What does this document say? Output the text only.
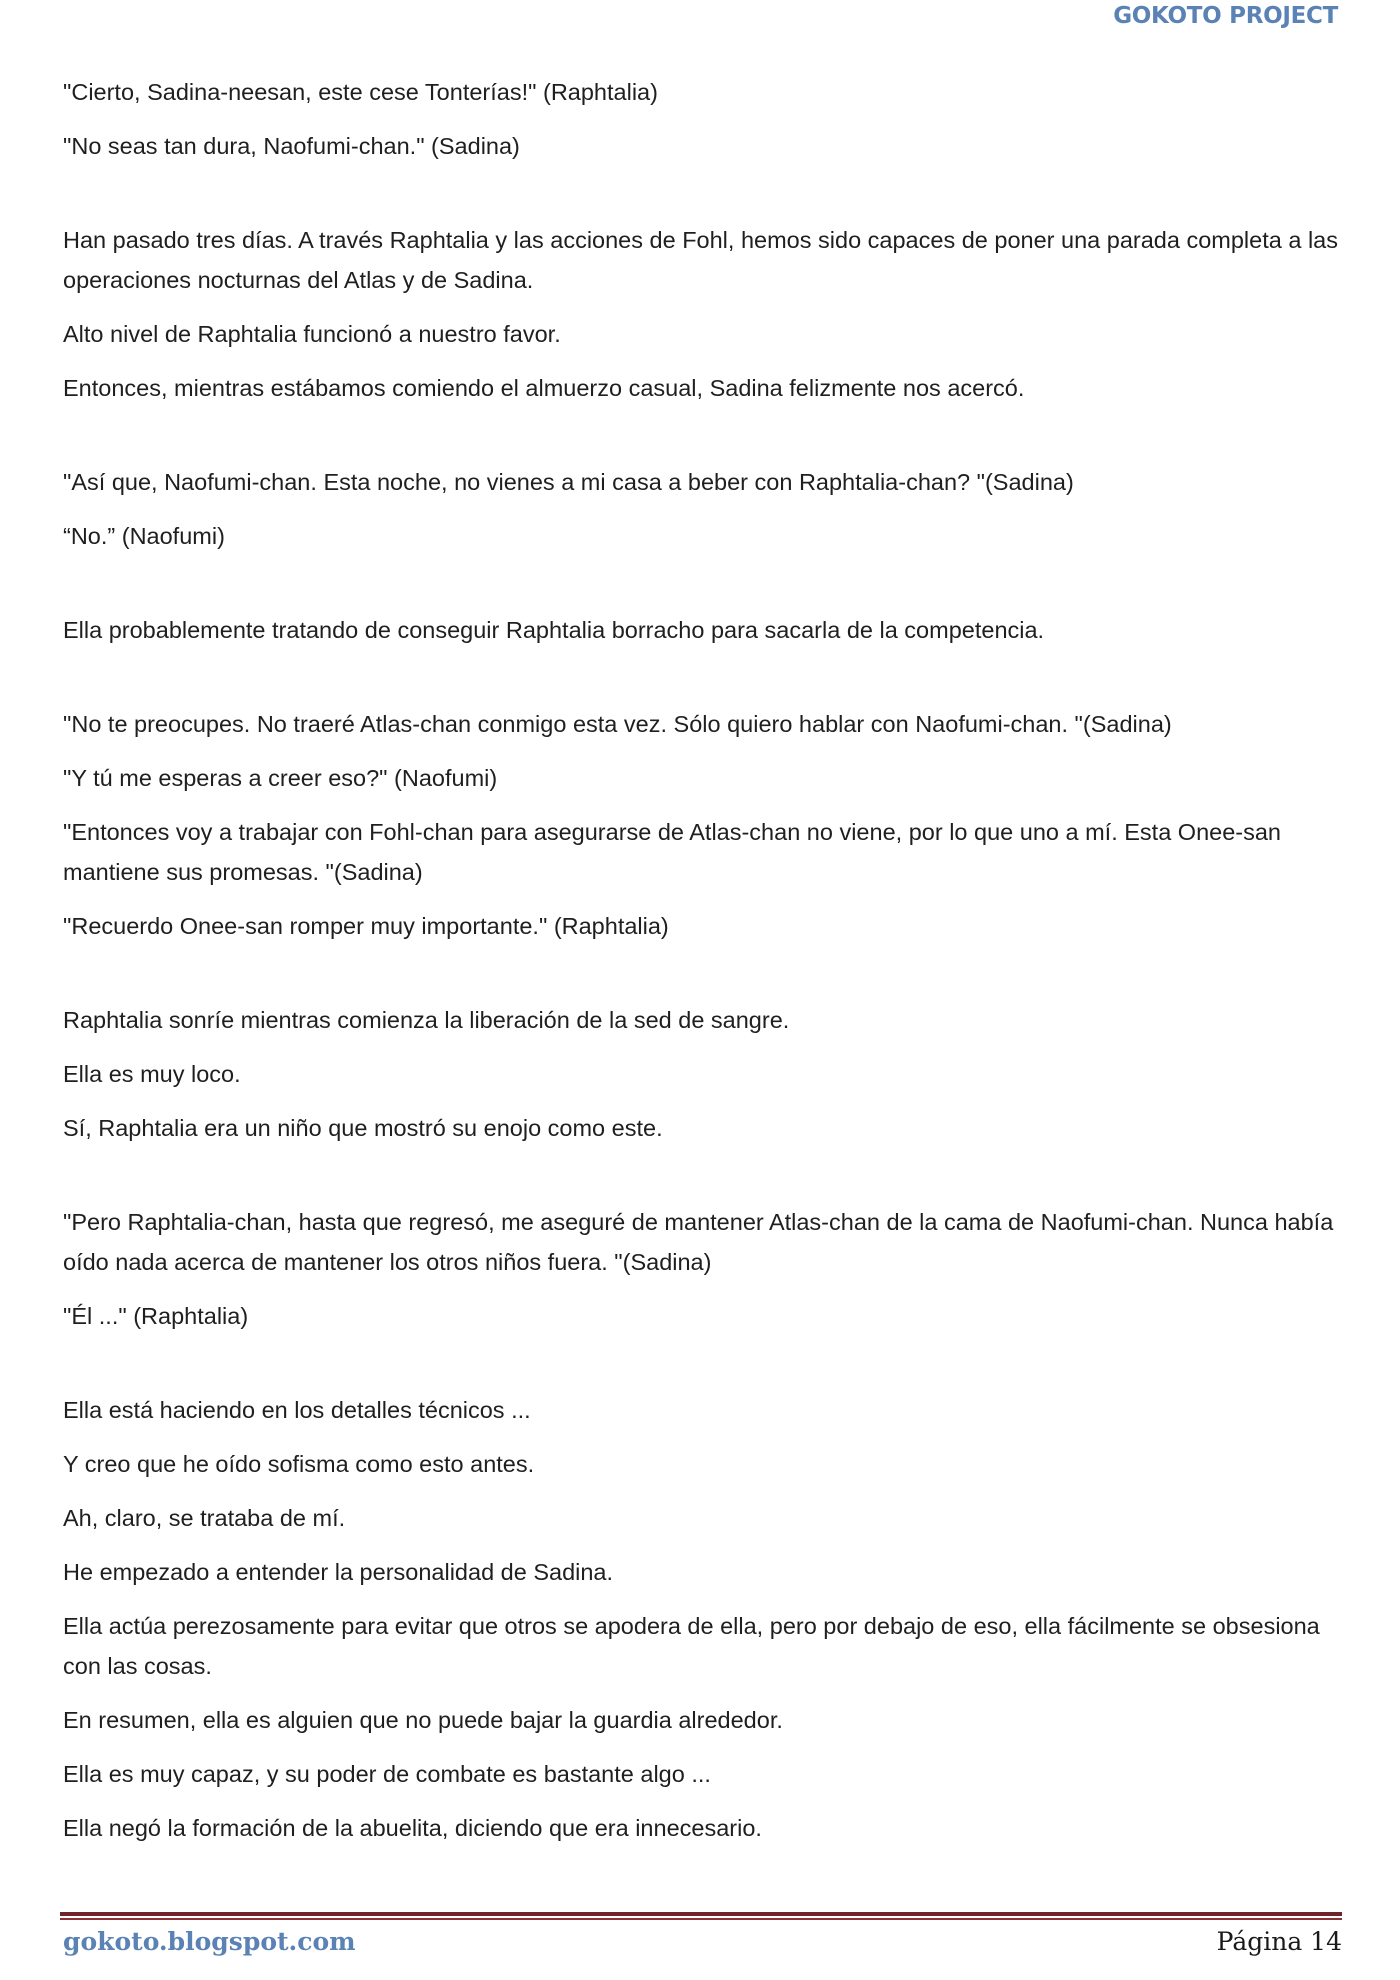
GOKOTO PROJECT

"Cierto, Sadina-neesan, este cese Tonterías!" (Raphtalia)

"No seas tan dura, Naofumi-chan." (Sadina)

Han pasado tres días. A través Raphtalia y las acciones de Fohl, hemos sido capaces de poner una parada completa a las operaciones nocturnas del Atlas y de Sadina.

Alto nivel de Raphtalia funcionó a nuestro favor.

Entonces, mientras estábamos comiendo el almuerzo casual, Sadina felizmente nos acercó.

"Así que, Naofumi-chan. Esta noche, no vienes a mi casa a beber con Raphtalia-chan? "(Sadina)

“No.” (Naofumi)

Ella probablemente tratando de conseguir Raphtalia borracho para sacarla de la competencia.

"No te preocupes. No traeré Atlas-chan conmigo esta vez. Sólo quiero hablar con Naofumi-chan. "(Sadina)

"Y tú me esperas a creer eso?" (Naofumi)

"Entonces voy a trabajar con Fohl-chan para asegurarse de Atlas-chan no viene, por lo que uno a mí. Esta Onee-san mantiene sus promesas. "(Sadina)

"Recuerdo Onee-san romper muy importante." (Raphtalia)

Raphtalia sonríe mientras comienza la liberación de la sed de sangre.

Ella es muy loco.

Sí, Raphtalia era un niño que mostró su enojo como este.

"Pero Raphtalia-chan, hasta que regresó, me aseguré de mantener Atlas-chan de la cama de Naofumi-chan. Nunca había oído nada acerca de mantener los otros niños fuera. "(Sadina)

"Él ..." (Raphtalia)

Ella está haciendo en los detalles técnicos ...

Y creo que he oído sofisma como esto antes.

Ah, claro, se trataba de mí.

He empezado a entender la personalidad de Sadina.

Ella actúa perezosamente para evitar que otros se apodera de ella, pero por debajo de eso, ella fácilmente se obsesiona con las cosas.

En resumen, ella es alguien que no puede bajar la guardia alrededor.

Ella es muy capaz, y su poder de combate es bastante algo ...

Ella negó la formación de la abuelita, diciendo que era innecesario.

gokoto.blogspot.com	Página 14
